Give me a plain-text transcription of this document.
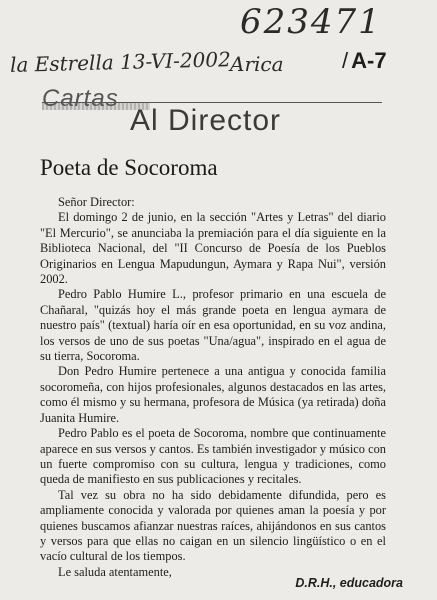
623471
la Estrella 13-VI-2002
Arica	/ A-7
Cartas
Al Director
Poeta de Socoroma

Señor Director:

El domingo 2 de junio, en la sección "Artes y Letras" del diario "El Mercurio", se anunciaba la premiación para el día siguiente en la Biblioteca Nacional, del "II Concurso de Poesía de los Pueblos Originarios en Lengua Mapudungun, Aymara y Rapa Nui", versión 2002.

Pedro Pablo Humire L., profesor primario en una escuela de Chañaral, "quizás hoy el más grande poeta en lengua aymara de nuestro país" (textual) haría oír en esa oportunidad, en su voz andina, los versos de uno de sus poetas "Una/agua", inspirado en el agua de su tierra, Socoroma.

Don Pedro Humire pertenece a una antigua y conocida familia socoromeña, con hijos profesionales, algunos destacados en las artes, como él mismo y su hermana, profesora de Música (ya retirada) doña Juanita Humire.

Pedro Pablo es el poeta de Socoroma, nombre que continuamente aparece en sus versos y cantos. Es también investigador y músico con un fuerte compromiso con su cultura, lengua y tradiciones, como queda de manifiesto en sus publicaciones y recitales.

Tal vez su obra no ha sido debidamente difundida, pero es ampliamente conocida y valorada por quienes aman la poesía y por quienes buscamos afianzar nuestras raíces, ahijándonos en sus cantos y versos para que ellas no caigan en un silencio lingüístico o en el vacío cultural de los tiempos.

Le saluda atentamente,

D.R.H., educadora
